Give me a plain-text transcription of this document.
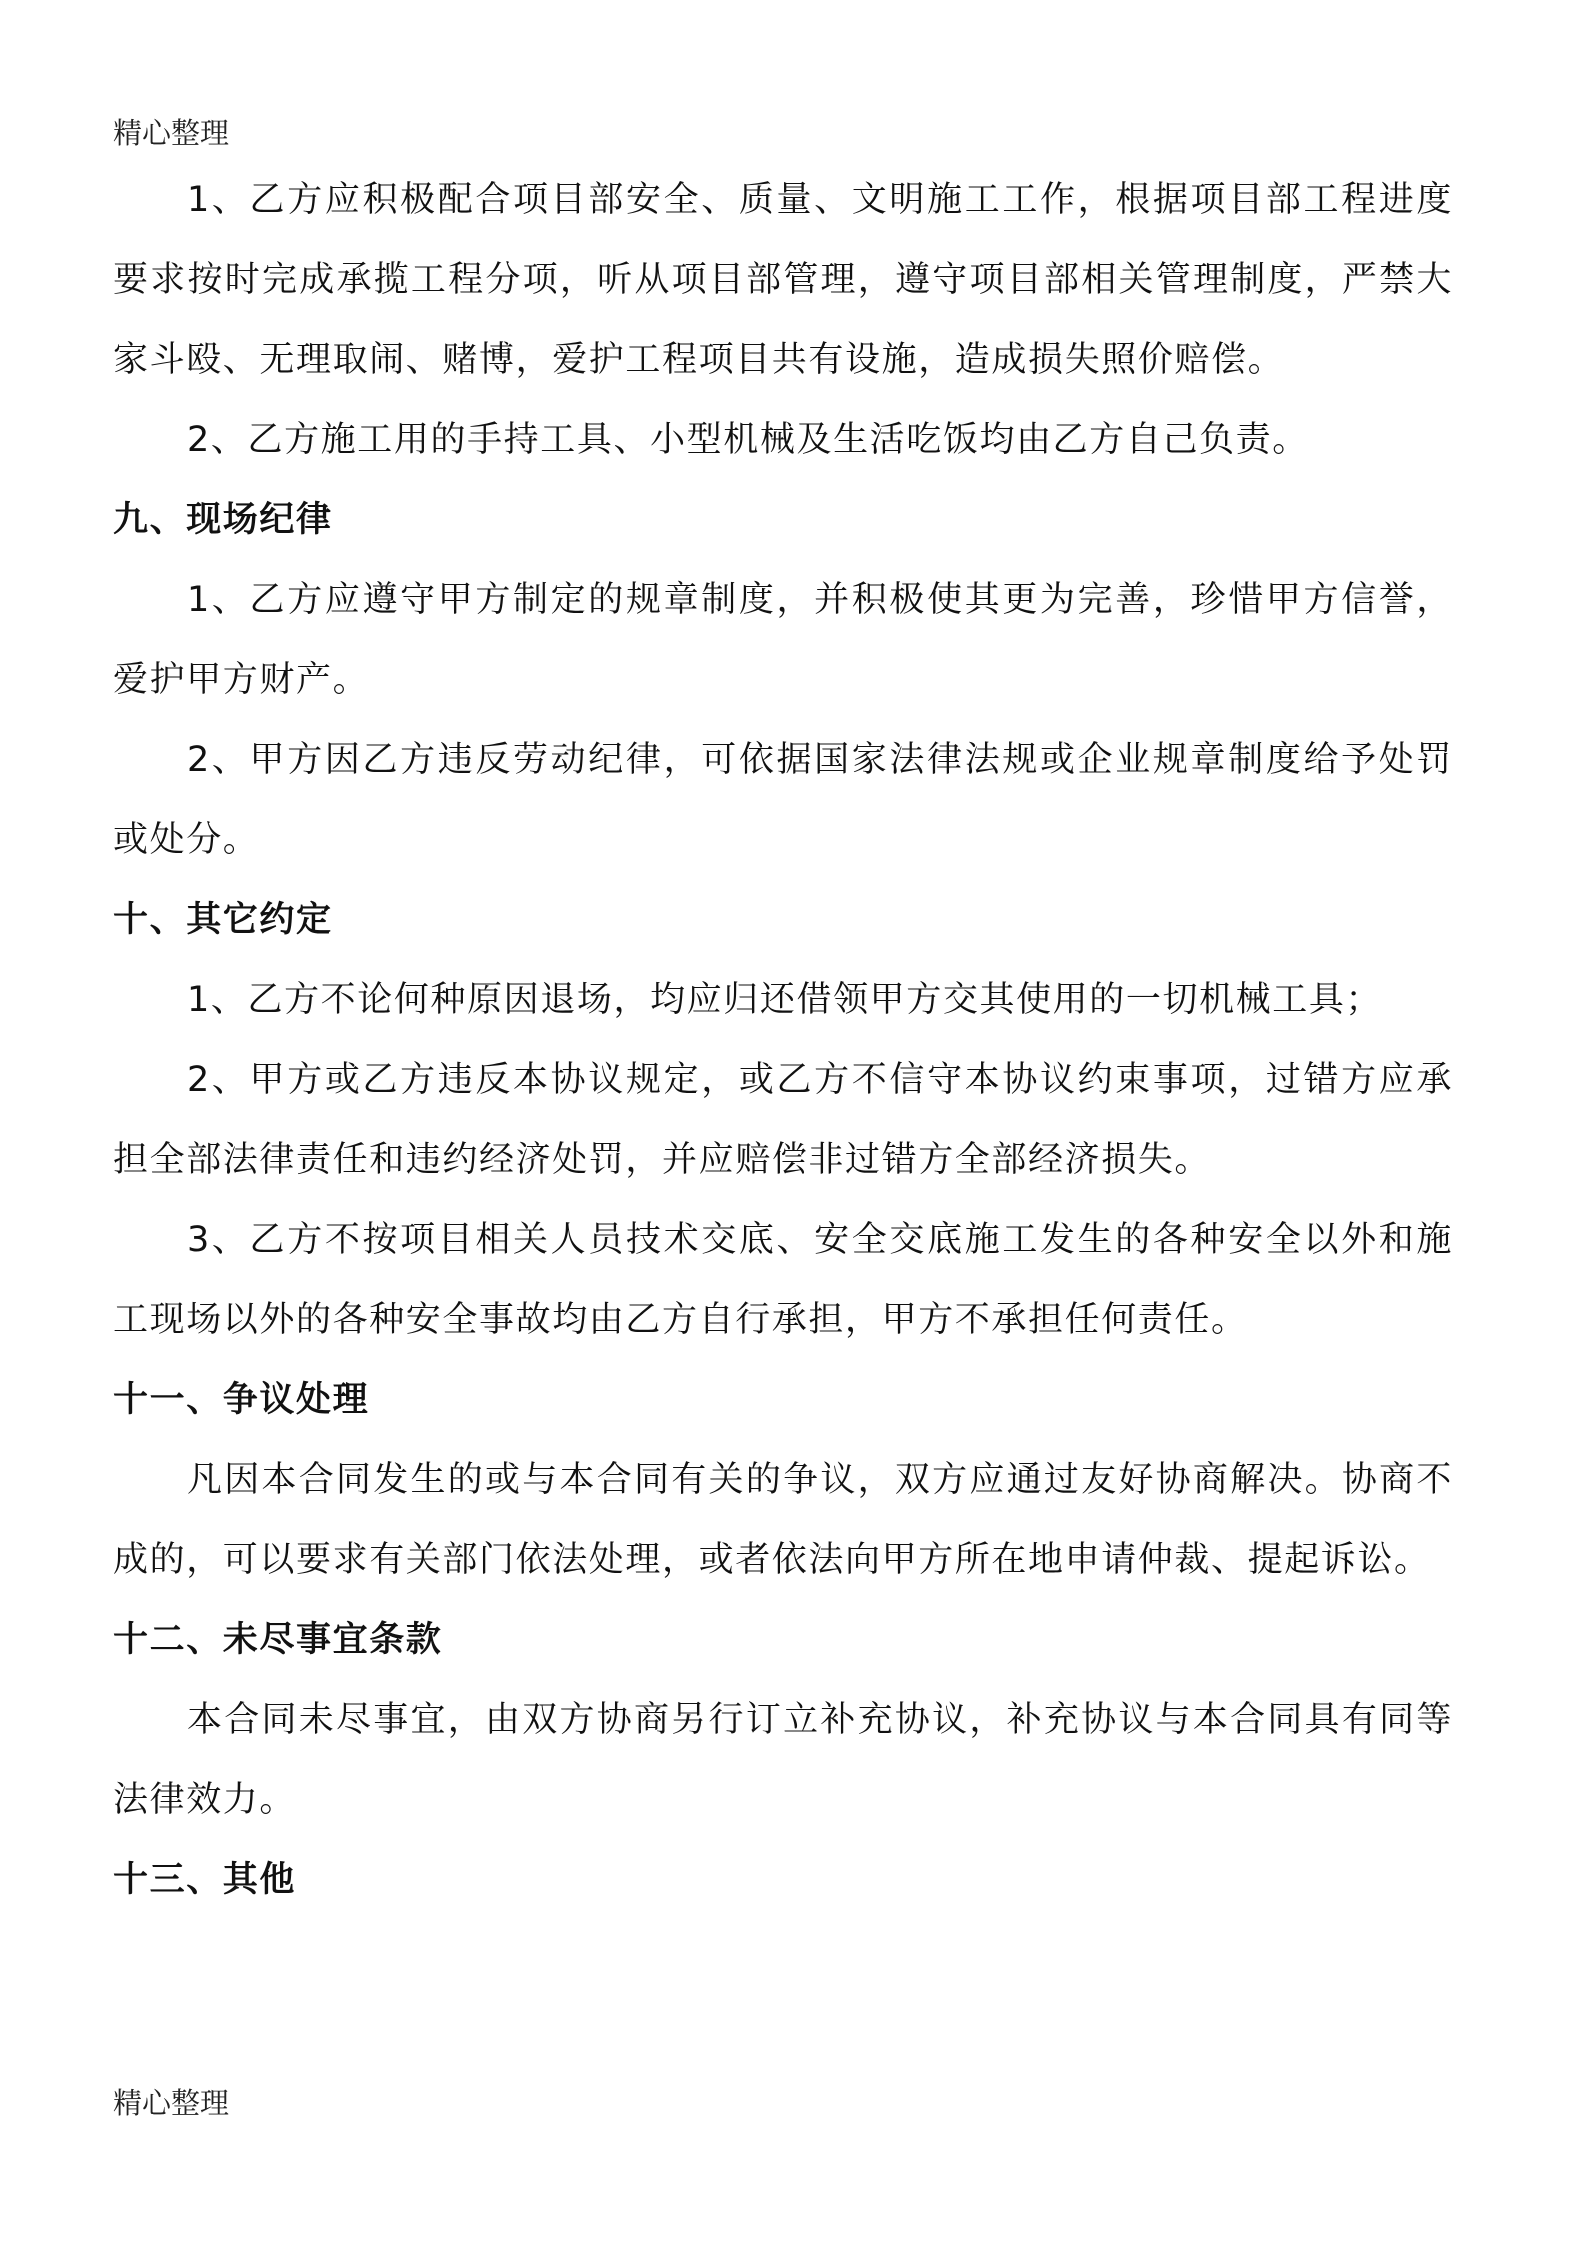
精心整理

1、乙方应积极配合项目部安全、质量、文明施工工作，根据项目部工程进度要求按时完成承揽工程分项，听从项目部管理，遵守项目部相关管理制度，严禁大家斗殴、无理取闹、赌博，爱护工程项目共有设施，造成损失照价赔偿。

2、乙方施工用的手持工具、小型机械及生活吃饭均由乙方自己负责。

九、现场纪律

1、乙方应遵守甲方制定的规章制度，并积极使其更为完善，珍惜甲方信誉，爱护甲方财产。

2、甲方因乙方违反劳动纪律，可依据国家法律法规或企业规章制度给予处罚或处分。

十、其它约定

1、乙方不论何种原因退场，均应归还借领甲方交其使用的一切机械工具；

2、甲方或乙方违反本协议规定，或乙方不信守本协议约束事项，过错方应承担全部法律责任和违约经济处罚，并应赔偿非过错方全部经济损失。

3、乙方不按项目相关人员技术交底、安全交底施工发生的各种安全以外和施工现场以外的各种安全事故均由乙方自行承担，甲方不承担任何责任。

十一、争议处理

凡因本合同发生的或与本合同有关的争议，双方应通过友好协商解决。协商不成的，可以要求有关部门依法处理，或者依法向甲方所在地申请仲裁、提起诉讼。

十二、未尽事宜条款

本合同未尽事宜，由双方协商另行订立补充协议，补充协议与本合同具有同等法律效力。

十三、其他

精心整理
